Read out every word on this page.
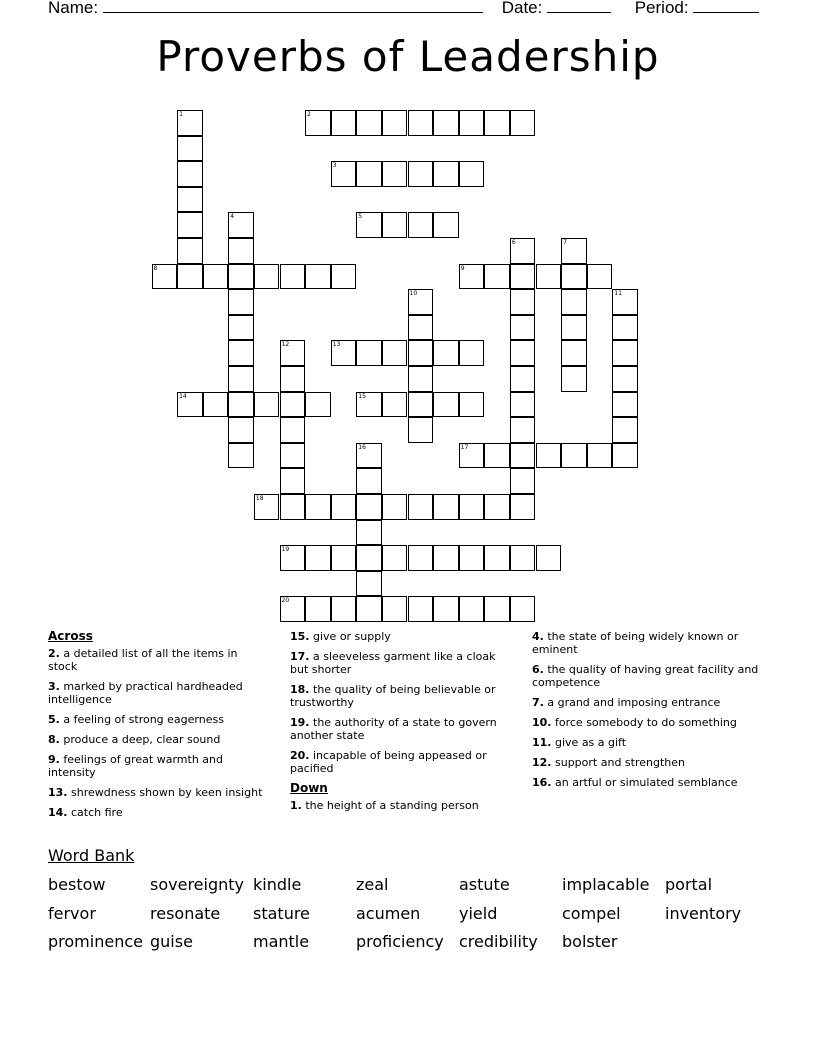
Name:	Date:	Period:
Proverbs of Leadership
1	2
3
4	5
6	7
8	9
10	11
12	13
14	15
16	17
18
19
20
Across
2. a detailed list of all the items in stock
3. marked by practical hardheaded intelligence
5. a feeling of strong eagerness
8. produce a deep, clear sound
9. feelings of great warmth and intensity
13. shrewdness shown by keen insight
14. catch fire
15. give or supply
17. a sleeveless garment like a cloak but shorter
18. the quality of being believable or trustworthy
19. the authority of a state to govern another state
20. incapable of being appeased or pacified
Down
1. the height of a standing person
4. the state of being widely known or eminent
6. the quality of having great facility and competence
7. a grand and imposing entrance
10. force somebody to do something
11. give as a gift
12. support and strengthen
16. an artful or simulated semblance
Word Bank
bestow	sovereignty kindle	zeal	astute	implacable portal
fervor	resonate stature	acumen yield	compel	inventory
prominence guise	mantle	proficiency credibility bolster
